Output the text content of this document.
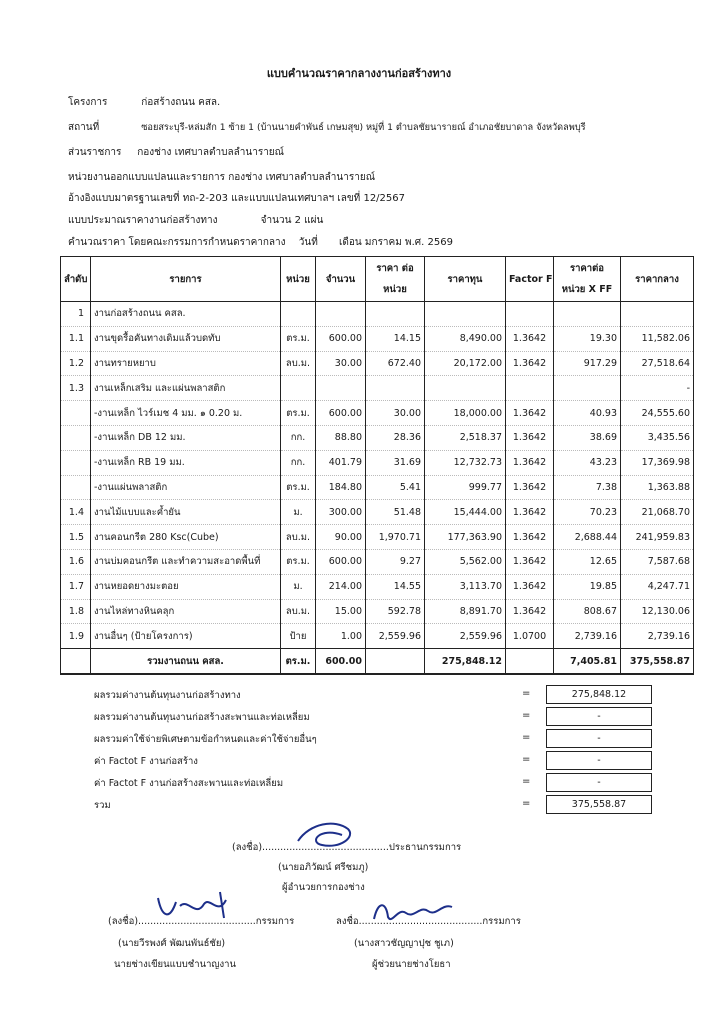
แบบคำนวณราคากลางงานก่อสร้างทาง
โครงการ	ก่อสร้างถนน คสล.
สถานที่	ซอยสระบุรี-หล่มสัก 1 ซ้าย 1 (บ้านนายคำพันธ์ เกษมสุข) หมู่ที่ 1 ตำบลชัยนารายณ์ อำเภอชัยบาดาล จังหวัดลพบุรี
ส่วนราชการ กองช่าง เทศบาลตำบลลำนารายณ์
หน่วยงานออกแบบแปลนและรายการ กองช่าง เทศบาลตำบลลำนารายณ์
อ้างอิงแบบมาตรฐานเลขที่ ทถ-2-203 และแบบแปลนเทศบาลฯ เลขที่ 12/2567
แบบประมาณราคางานก่อสร้างทาง	จำนวน 2 แผ่น
คำนวณราคา โดยคณะกรรมการกำหนดราคากลาง วันที่ เดือน มกราคม พ.ศ. 2569
ลำดับ	รายการ	หน่วย	จำนวน	ราคา ต่อหน่วย	ราคาทุน	Factor F	ราคาต่อ หน่วย X FF	ราคากลาง
1	งานก่อสร้างถนน คสล.							
1.1	งานขุดรื้อคันทางเดิมแล้วบดทับ	ตร.ม.	600.00	14.15	8,490.00	1.3642	19.30	11,582.06
1.2	งานทรายหยาบ	ลบ.ม.	30.00	672.40	20,172.00	1.3642	917.29	27,518.64
1.3	งานเหล็กเสริม และแผ่นพลาสติก							-
	-งานเหล็ก ไวร์เมช 4 มม. ๑ 0.20 ม.	ตร.ม.	600.00	30.00	18,000.00	1.3642	40.93	24,555.60
	-งานเหล็ก DB 12 มม.	กก.	88.80	28.36	2,518.37	1.3642	38.69	3,435.56
	-งานเหล็ก RB 19 มม.	กก.	401.79	31.69	12,732.73	1.3642	43.23	17,369.98
	-งานแผ่นพลาสติก	ตร.ม.	184.80	5.41	999.77	1.3642	7.38	1,363.88
1.4	งานไม้แบบและค้ำยัน	ม.	300.00	51.48	15,444.00	1.3642	70.23	21,068.70
1.5	งานคอนกรีต 280 Ksc(Cube)	ลบ.ม.	90.00	1,970.71	177,363.90	1.3642	2,688.44	241,959.83
1.6	งานบ่มคอนกรีต และทำความสะอาดพื้นที่	ตร.ม.	600.00	9.27	5,562.00	1.3642	12.65	7,587.68
1.7	งานหยอดยางมะตอย	ม.	214.00	14.55	3,113.70	1.3642	19.85	4,247.71
1.8	งานไหล่ทางหินคลุก	ลบ.ม.	15.00	592.78	8,891.70	1.3642	808.67	12,130.06
1.9	งานอื่นๆ (ป้ายโครงการ)	ป้าย	1.00	2,559.96	2,559.96	1.0700	2,739.16	2,739.16
	รวมงานถนน คสล.	ตร.ม.	600.00		275,848.12		7,405.81	375,558.87
ผลรวมค่างานต้นทุนงานก่อสร้างทาง	=	275,848.12
ผลรวมค่างานต้นทุนงานก่อสร้างสะพานและท่อเหลี่ยม	=	-
ผลรวมค่าใช้จ่ายพิเศษตามข้อกำหนดและค่าใช้จ่ายอื่นๆ	=	-
ค่า Factot F งานก่อสร้าง	=	-
ค่า Factot F งานก่อสร้างสะพานและท่อเหลี่ยม	=	-
รวม	=	375,558.87
(ลงชื่อ)..........................................ประธานกรรมการ
(นายอภิวัฒน์ ศรีชมภู)
ผู้อำนวยการกองช่าง
(ลงชื่อ).......................................กรรมการ
(นายวีรพงศ์ พัฒนพันธ์ชัย)
นายช่างเขียนแบบชำนาญงาน
ลงชื่อ.........................................กรรมการ
(นางสาวชัญญาปุช ชูเภ)
ผู้ช่วยนายช่างโยธา
